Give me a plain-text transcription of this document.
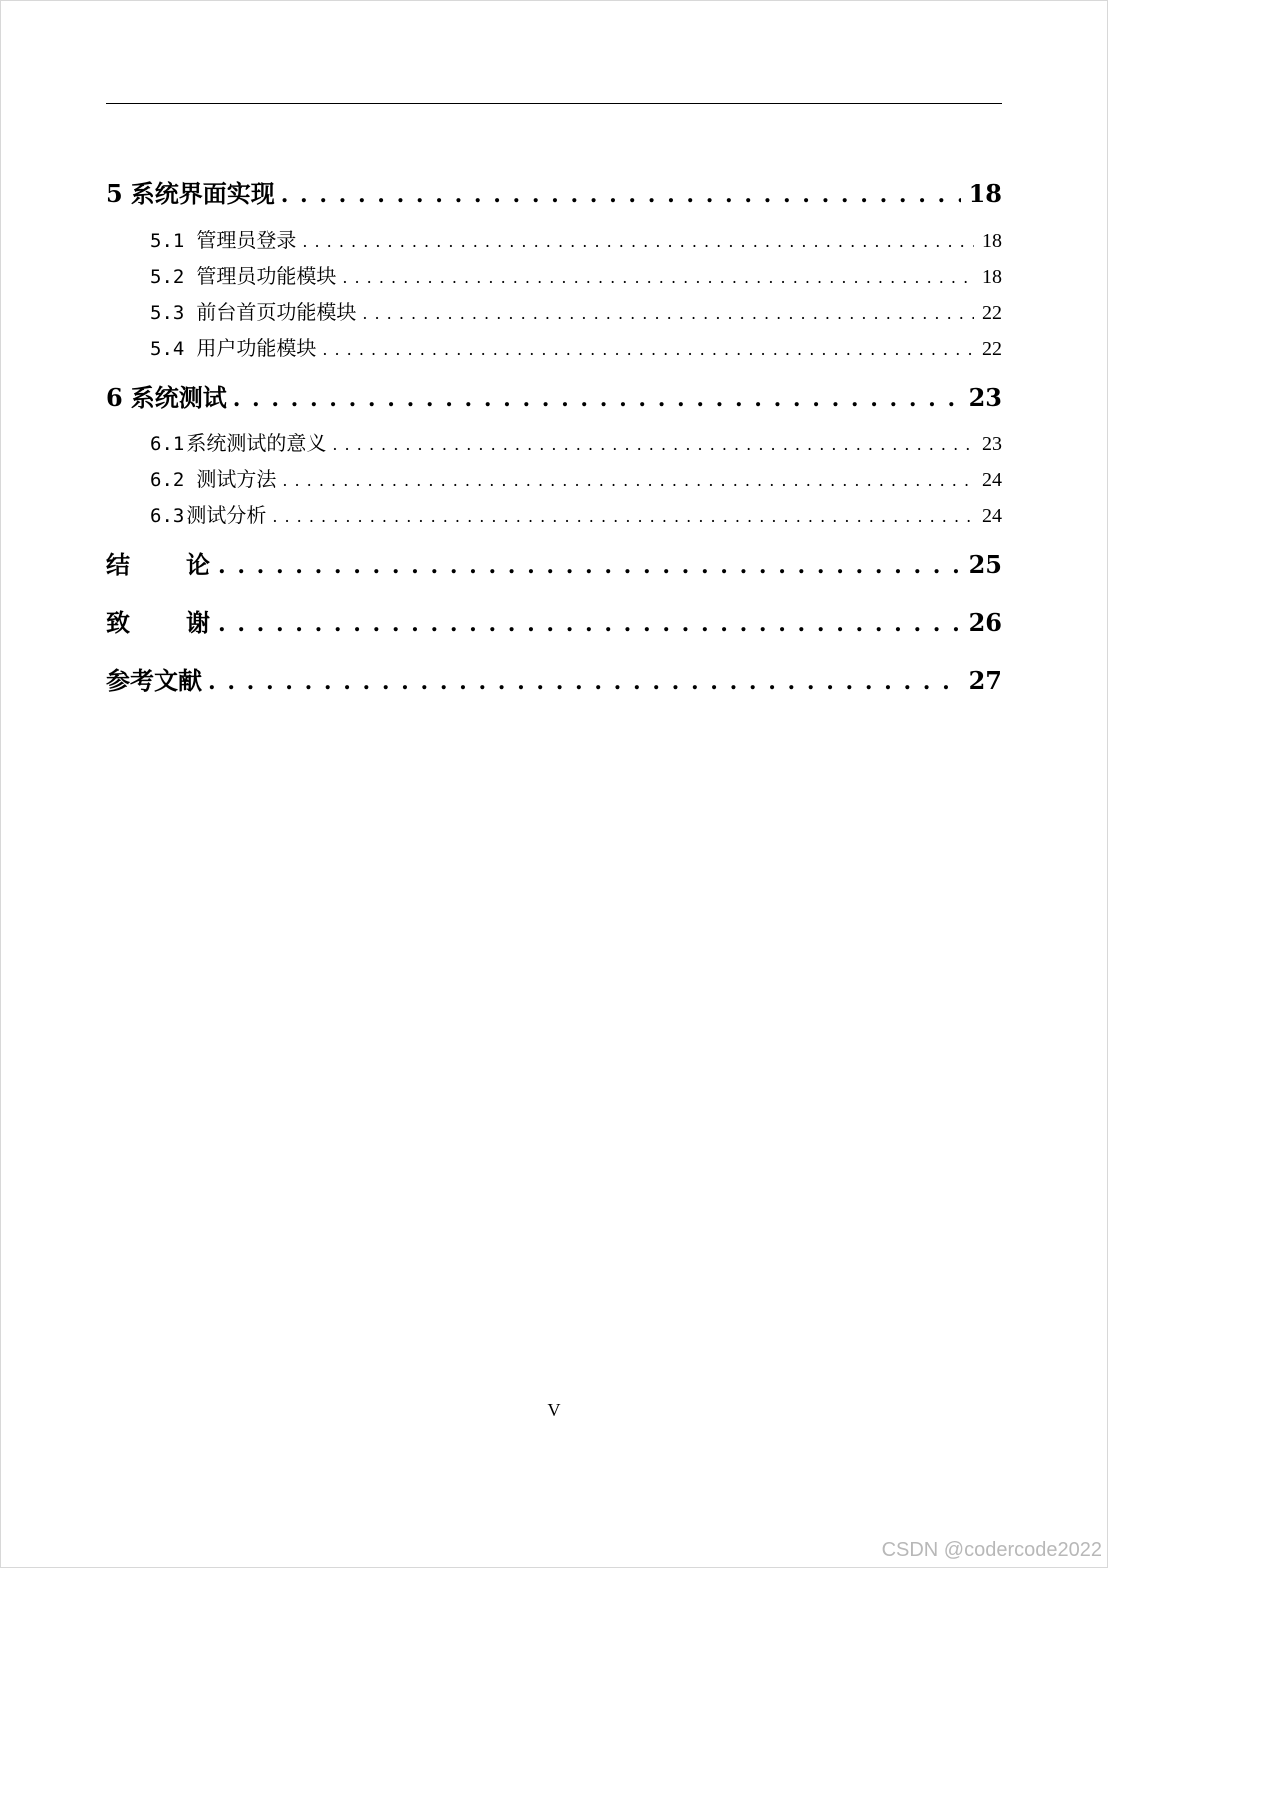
5 系统界面实现 . . .	18
5.1 管理员登录 . . .	18
5.2 管理员功能模块 . . .	18
5.3 前台首页功能模块 . . .	22
5.4 用户功能模块 . . .	22
6 系统测试 . . .	23
6.1 系统测试的意义 . . .	23
6.2 测试方法 . . .	24
6.3 测试分析 . . .	24
结论 . . .	25
致谢 . . .	26
参考文献 . . .	27
V
CSDN @codercode2022
